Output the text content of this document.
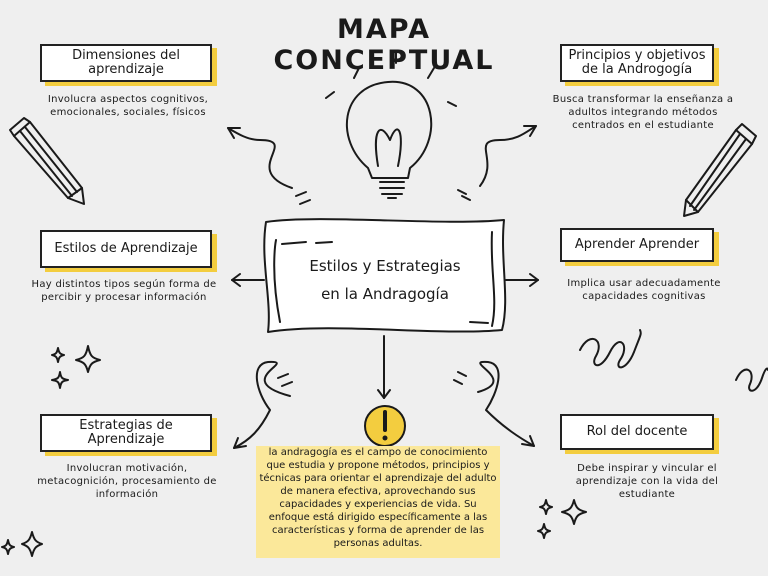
MAPA CONCEPTUAL
Estilos y Estrategias
en la Andragogía
Dimensiones del aprendizaje
Involucra aspectos cognitivos, emocionales, sociales, físicos
Estilos de Aprendizaje
Hay distintos tipos según forma de percibir y procesar información
Estrategias de Aprendizaje
Involucran motivación, metacognición, procesamiento de información
Principios y objetivos de la Androgogía
Busca transformar la enseñanza a adultos integrando métodos centrados en el estudiante
Aprender Aprender
Implica usar adecuadamente capacidades cognitivas
Rol del docente
Debe inspirar y vincular el aprendizaje con la vida del estudiante
la andragogía es el campo de conocimiento que estudia y propone métodos, principios y técnicas para orientar el aprendizaje del adulto de manera efectiva, aprovechando sus capacidades y experiencias de vida. Su enfoque está dirigido específicamente a las características y forma de aprender de las personas adultas.
